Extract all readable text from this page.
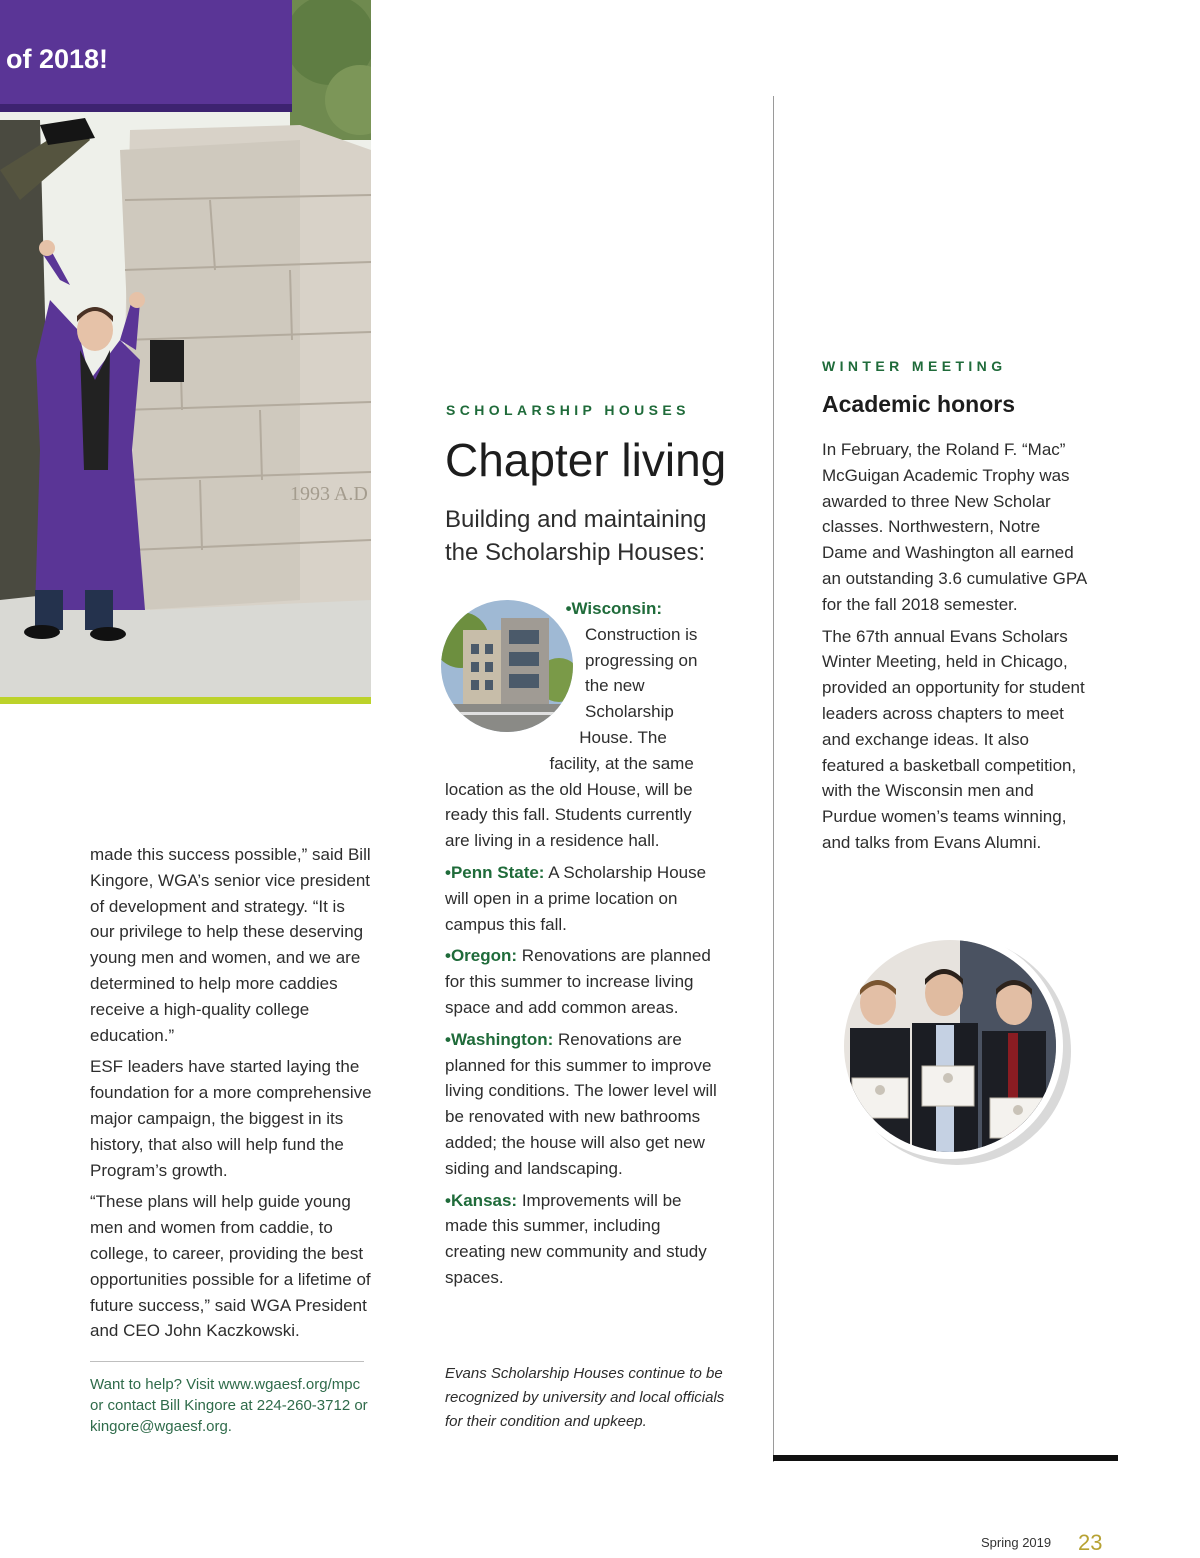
1993 A.D
of 2018!

made this success possible,” said Bill Kingore, WGA’s senior vice president of development and strategy. “It is our privilege to help these deserving young men and women, and we are determined to help more caddies receive a high-quality college education.”

ESF leaders have started laying the foundation for a more comprehensive major campaign, the biggest in its history, that also will help fund the Program’s growth.

“These plans will help guide young men and women from caddie, to college, to career, providing the best opportunities possible for a lifetime of future success,” said WGA President and CEO John Kaczkowski.

Want to help? Visit www.wgaesf.org/mpc or contact Bill Kingore at 224-260-3712 or kingore@wgaesf.org.
SCHOLARSHIP HOUSES
Chapter living
Building and maintaining the Scholarship Houses:

•Wisconsin: Construction is progressing on the new Scholarship House. The facility, at the same location as the old House, will be ready this fall. Students currently are living in a residence hall.

•Penn State: A Scholarship House will open in a prime location on campus this fall.

•Oregon: Renovations are planned for this summer to increase living space and add common areas.

•Washington: Renovations are planned for this summer to improve living conditions. The lower level will be renovated with new bathrooms added; the house will also get new siding and landscaping.

•Kansas: Improvements will be made this summer, including creating new community and study spaces.

Evans Scholarship Houses continue to be recognized by university and local officials for their condition and upkeep.
WINTER MEETING
Academic honors

In February, the Roland F. “Mac” McGuigan Academic Trophy was awarded to three New Scholar classes. Northwestern, Notre Dame and Washington all earned an outstanding 3.6 cumulative GPA for the fall 2018 semester.

The 67th annual Evans Scholars Winter Meeting, held in Chicago, provided an opportunity for student leaders across chapters to meet and exchange ideas. It also featured a basketball competition, with the Wisconsin men and Purdue women’s teams winning, and talks from Evans Alumni.

Spring 2019 23
